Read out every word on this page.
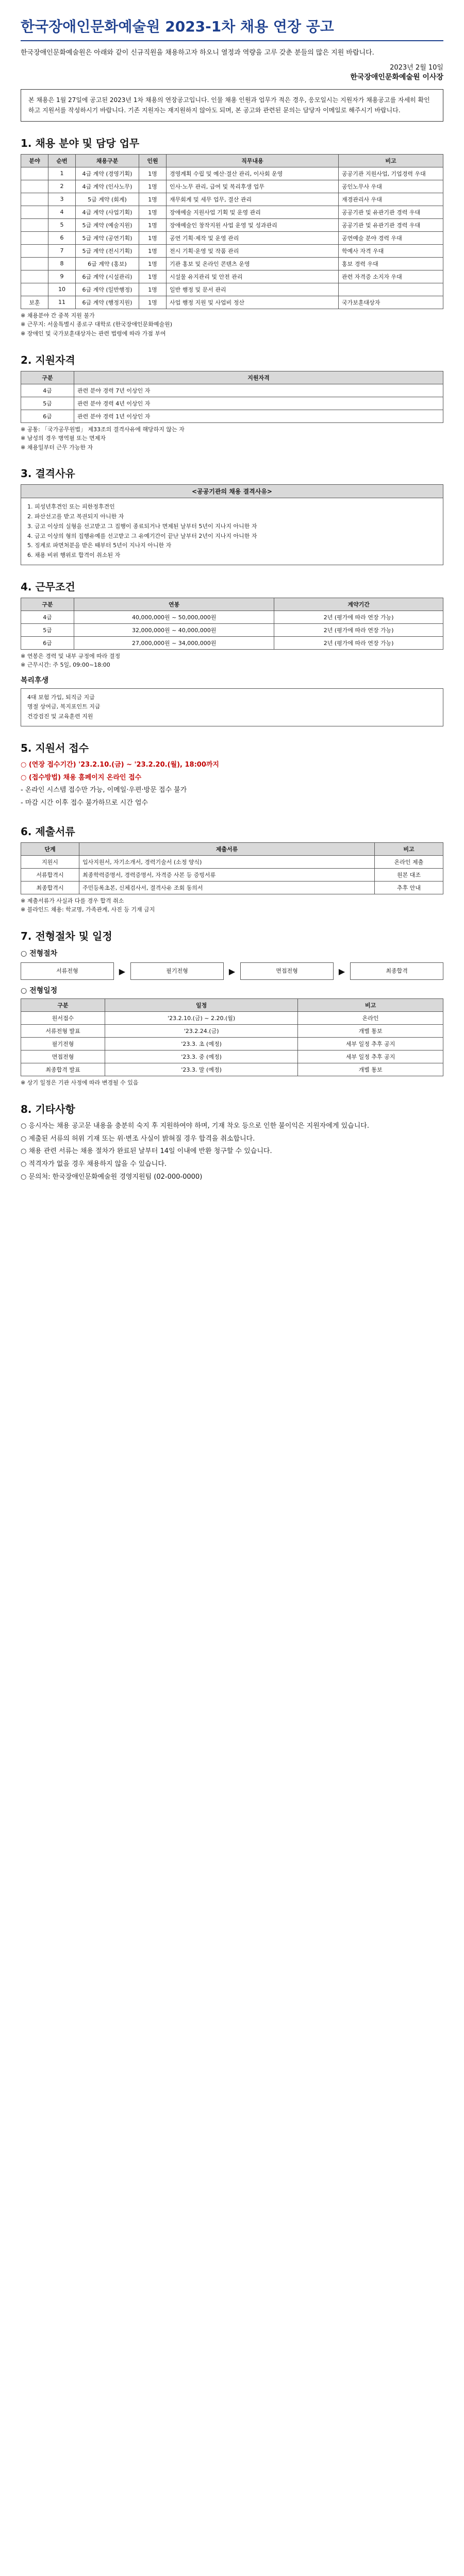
한국장애인문화예술원 2023-1차 채용 연장 공고
한국장애인문화예술원은 아래와 같이 신규직원을 채용하고자 하오니 열정과 역량을 고루 갖춘 분들의 많은 지원 바랍니다.
2023년 2월 10일
한국장애인문화예술원 이사장
본 채용은 1월 27일에 공고된 2023년 1차 채용의 연장공고입니다. 인물 채용 인원과 업무가 적은 경우, 응모일시는 지원자가 채용공고를 자세히 확인하고 지원서를 작성하시기 바랍니다. 기존 지원자는 재지원하지 않아도 되며, 본 공고와 관련된 문의는 담당자 이메일로 해주시기 바랍니다.
1. 채용 분야 및 담당 업무
분야	순번	채용구분	인원	직무내용	비고
	1	4급 계약 (경영기획)	1명	경영계획 수립 및 예산·결산 관리, 이사회 운영	공공기관 지원사업, 기업경력 우대
	2	4급 계약 (인사노무)	1명	인사·노무 관리, 급여 및 복리후생 업무	공인노무사 우대
	3	5급 계약 (회계)	1명	재무회계 및 세무 업무, 결산 관리	재경관리사 우대
	4	4급 계약 (사업기획)	1명	장애예술 지원사업 기획 및 운영 관리	공공기관 및 유관기관 경력 우대
	5	5급 계약 (예술지원)	1명	장애예술인 창작지원 사업 운영 및 성과관리	공공기관 및 유관기관 경력 우대
	6	5급 계약 (공연기획)	1명	공연 기획·제작 및 운영 관리	공연예술 분야 경력 우대
	7	5급 계약 (전시기획)	1명	전시 기획·운영 및 작품 관리	학예사 자격 우대
	8	6급 계약 (홍보)	1명	기관 홍보 및 온라인 콘텐츠 운영	홍보 경력 우대
	9	6급 계약 (시설관리)	1명	시설물 유지관리 및 안전 관리	관련 자격증 소지자 우대
	10	6급 계약 (일반행정)	1명	일반 행정 및 문서 관리	
보훈	11	6급 계약 (행정지원)	1명	사업 행정 지원 및 사업비 정산	국가보훈대상자
※ 채용분야 간 중복 지원 불가
※ 근무지: 서울특별시 종로구 대학로 (한국장애인문화예술원)
※ 장애인 및 국가보훈대상자는 관련 법령에 따라 가점 부여
2. 지원자격
구분	지원자격
4급	관련 분야 경력 7년 이상인 자
5급	관련 분야 경력 4년 이상인 자
6급	관련 분야 경력 1년 이상인 자
※ 공통: 「국가공무원법」 제33조의 결격사유에 해당하지 않는 자
※ 남성의 경우 병역필 또는 면제자
※ 채용일부터 근무 가능한 자
3. 결격사유
<공공기관의 채용 결격사유>
1. 피성년후견인 또는 피한정후견인
2. 파산선고를 받고 복권되지 아니한 자
3. 금고 이상의 실형을 선고받고 그 집행이 종료되거나 면제된 날부터 5년이 지나지 아니한 자
4. 금고 이상의 형의 집행유예를 선고받고 그 유예기간이 끝난 날부터 2년이 지나지 아니한 자
5. 징계로 파면처분을 받은 때부터 5년이 지나지 아니한 자
6. 채용 비위 행위로 합격이 취소된 자
4. 근무조건
구분	연봉	계약기간
4급	40,000,000원 ~ 50,000,000원	2년 (평가에 따라 연장 가능)
5급	32,000,000원 ~ 40,000,000원	2년 (평가에 따라 연장 가능)
6급	27,000,000원 ~ 34,000,000원	2년 (평가에 따라 연장 가능)
※ 연봉은 경력 및 내부 규정에 따라 결정
※ 근무시간: 주 5일, 09:00~18:00
복리후생
4대 보험 가입, 퇴직금 지급
명절 상여금, 복지포인트 지급
건강검진 및 교육훈련 지원
5. 지원서 접수
○ (연장 접수기간) '23.2.10.(금) ~ '23.2.20.(월), 18:00까지
○ (접수방법) 채용 홈페이지 온라인 접수
- 온라인 시스템 접수만 가능, 이메일·우편·방문 접수 불가
- 마감 시간 이후 접수 불가하므로 시간 엄수
6. 제출서류
단계	제출서류	비고
지원시	입사지원서, 자기소개서, 경력기술서 (소정 양식)	온라인 제출
서류합격시	최종학력증명서, 경력증명서, 자격증 사본 등 증빙서류	원본 대조
최종합격시	주민등록초본, 신체검사서, 결격사유 조회 동의서	추후 안내
※ 제출서류가 사실과 다를 경우 합격 취소
※ 블라인드 채용: 학교명, 가족관계, 사진 등 기재 금지
7. 전형절차 및 일정
○ 전형절차
서류전형	▶	필기전형	▶	면접전형	▶	최종합격
○ 전형일정
구분	일정	비고
원서접수	'23.2.10.(금) ~ 2.20.(월)	온라인
서류전형 발표	'23.2.24.(금)	개별 통보
필기전형	'23.3. 초 (예정)	세부 일정 추후 공지
면접전형	'23.3. 중 (예정)	세부 일정 추후 공지
최종합격 발표	'23.3. 말 (예정)	개별 통보
※ 상기 일정은 기관 사정에 따라 변경될 수 있음
8. 기타사항
○ 응시자는 채용 공고문 내용을 충분히 숙지 후 지원하여야 하며, 기재 착오 등으로 인한 불이익은 지원자에게 있습니다.
○ 제출된 서류의 허위 기재 또는 위·변조 사실이 밝혀질 경우 합격을 취소합니다.
○ 채용 관련 서류는 채용 절차가 완료된 날부터 14일 이내에 반환 청구할 수 있습니다.
○ 적격자가 없을 경우 채용하지 않을 수 있습니다.
○ 문의처: 한국장애인문화예술원 경영지원팀 (02-000-0000)
